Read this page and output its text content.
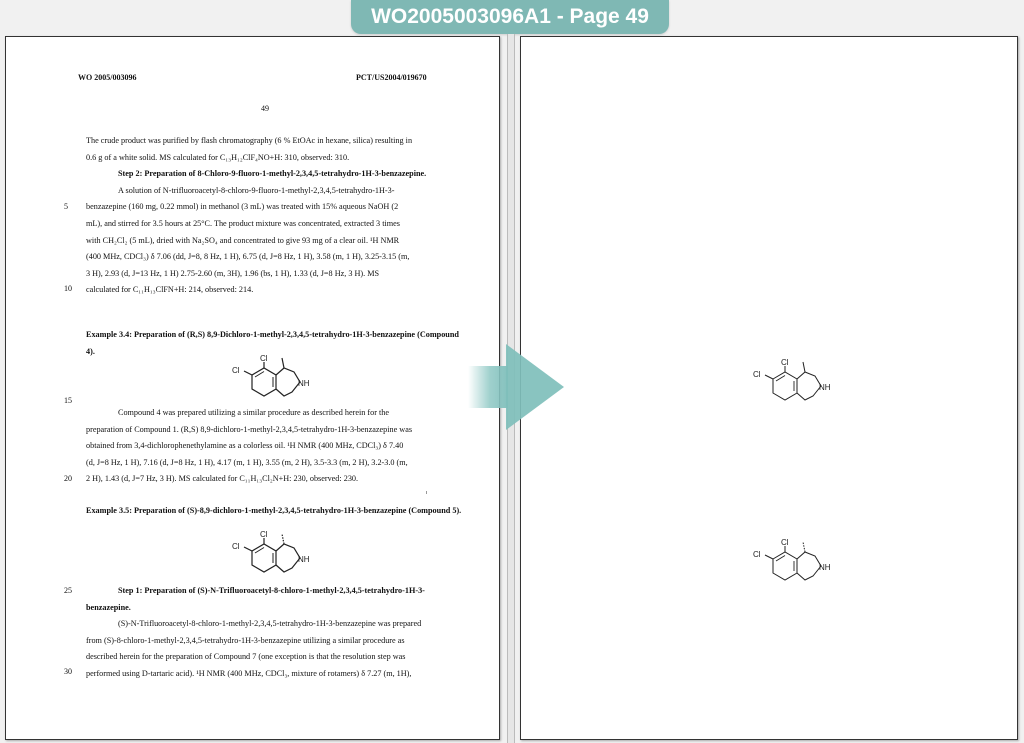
WO2005003096A1 - Page 49
WO 2005/003096	PCT/US2004/019670
49

The crude product was purified by flash chromatography (6 % EtOAc in hexane, silica) resulting in

0.6 g of a white solid. MS calculated for C₁₃H₁₂ClF₄NO+H: 310, observed: 310.

Step 2: Preparation of 8-Chloro-9-fluoro-1-methyl-2,3,4,5-tetrahydro-1H-3-benzazepine.

A solution of N-trifluoroacetyl-8-chloro-9-fluoro-1-methyl-2,3,4,5-tetrahydro-1H-3-

benzazepine (160 mg, 0.22 mmol) in methanol (3 mL) was treated with 15% aqueous NaOH (2

mL), and stirred for 3.5 hours at 25°C. The product mixture was concentrated, extracted 3 times

with CH₂Cl₂ (5 mL), dried with Na₂SO₄ and concentrated to give 93 mg of a clear oil. ¹H NMR

(400 MHz, CDCl₃) δ 7.06 (dd, J=8, 8 Hz, 1 H), 6.75 (d, J=8 Hz, 1 H), 3.58 (m, 1 H), 3.25-3.15 (m,

3 H), 2.93 (d, J=13 Hz, 1 H) 2.75-2.60 (m, 3H), 1.96 (bs, 1 H), 1.33 (d, J=8 Hz, 3 H). MS

calculated for C₁₁H₁₃ClFN+H: 214, observed: 214.

Example 3.4: Preparation of (R,S) 8,9-Dichloro-1-methyl-2,3,4,5-tetrahydro-1H-3-benzazepine (Compound 4).
Cl
Cl
NH

Compound 4 was prepared utilizing a similar procedure as described herein for the

preparation of Compound 1. (R,S) 8,9-dichloro-1-methyl-2,3,4,5-tetrahydro-1H-3-benzazepine was

obtained from 3,4-dichlorophenethylamine as a colorless oil. ¹H NMR (400 MHz, CDCl₃) δ 7.40

(d, J=8 Hz, 1 H), 7.16 (d, J=8 Hz, 1 H), 4.17 (m, 1 H), 3.55 (m, 2 H), 3.5-3.3 (m, 2 H), 3.2-3.0 (m,

2 H), 1.43 (d, J=7 Hz, 3 H). MS calculated for C₁₁H₁₃Cl₂N+H: 230, observed: 230.

Example 3.5: Preparation of (S)-8,9-dichloro-1-methyl-2,3,4,5-tetrahydro-1H-3-benzazepine (Compound 5).
Cl
Cl
NH

Step 1: Preparation of (S)-N-Trifluoroacetyl-8-chloro-1-methyl-2,3,4,5-tetrahydro-1H-3-benzazepine.

(S)-N-Trifluoroacetyl-8-chloro-1-methyl-2,3,4,5-tetrahydro-1H-3-benzazepine was prepared

from (S)-8-chloro-1-methyl-2,3,4,5-tetrahydro-1H-3-benzazepine utilizing a similar procedure as

described herein for the preparation of Compound 7 (one exception is that the resolution step was

performed using D-tartaric acid). ¹H NMR (400 MHz, CDCl₃, mixture of rotamers) δ 7.27 (m, 1H),

5
10
15
20
25
30
Cl
Cl
NH
Cl
Cl
NH
